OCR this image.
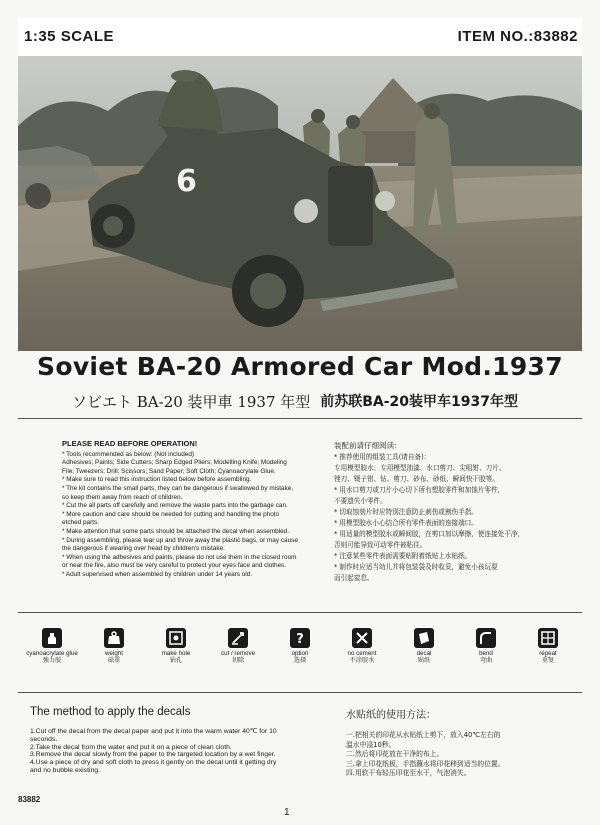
1:35 SCALE	ITEM NO.:83882
6
Soviet BA-20 Armored Car Mod.1937
ソビエト BA-20 装甲車 1937 年型 前苏联BA-20装甲车1937年型
PLEASE READ BEFORE OPERATION!

* Tools recommended as below: (Not included)

Adhesives; Paints; Side Cutters; Sharp Edged Pliers; Modelling Knife; Modeling

File; Tweezers; Drill; Scissors; Sand Paper; Soft Cloth; Cyanoacrylate Glue.

* Make sure to read this instruction listed below before assembling.

* The kit contains the small parts, they can be dangerous if swallowed by mistake,

so keep them away from reach of children.

* Cut the all parts off carefully and remove the waste parts into the garbage can.

* More caution and care should be needed for cutting and handling the photo

etched parts.

* Make attention that some parts should be attached the decal when assembled.

* During assembling, please tear up and throw away the plastic bags, or may cause

the dangerous if wearing over head by children's mistake.

* When using the adhesives and paints, please do not use them in the closed room

or near the fire, also must be very careful to protect your eyes face and clothes.

* Adult supervised when assembled by children under 14 years old.

装配前请仔细阅读：

* 推荐使用的组装工具(请自备)：

专用模型胶水、专用模型油漆、水口剪刀、尖咀钳、刀片、

锉刀、镊子钳、钻、剪刀、砂布、砂纸、瞬间快干胶等。

* 用水口剪刀或刀片小心切下所有塑胶零件和加蚀片零件，

不要遗失小零件。

* 切取蚀刻片时应特别注意防止刺伤或割伤手指。

* 用模型胶水小心结合所有零件表面的连接端口。

* 用适量的模型胶水或瞬间胶，在剪口加以摩擦，使连接处干净，

否则可能导致可动零件被粘住。

* 注意某些零件表面需要贴附着纸贴上水贴纸。

* 制作时应适当幼儿并将包装袋及时收妥，避免小孩玩耍

而引起窒息。

cyanoacrylate glue
強力胶
weight
砝重
make hole
钻孔
cut / remove
切除
?
option
选择
no cement
不涂胶水
decal
贴纸
bend
弯曲
repeat
重复
The method to apply the decals

1.Cut off the decal from the decal paper and put it into the warm water 40℃ for 10

seconds.

2.Take the decal from the water and put it on a piece of clean cloth.

3.Remove the decal slowly from the paper to the targeted location by a wet finger.

4.Use a piece of dry and soft cloth to press it gently on the decal until it getting dry

and no bubble existing.

水贴纸的使用方法：

一.把相关的印花从水贴纸上剪下，放入40℃左右的

温水中浸10秒。

二.然后将印花放在干净的布上。

三.拿上印花纸板，手指蘸水将印花移到适当的位置。

四.用软干布轻压印花至水干，气泡消失。

83882
1
